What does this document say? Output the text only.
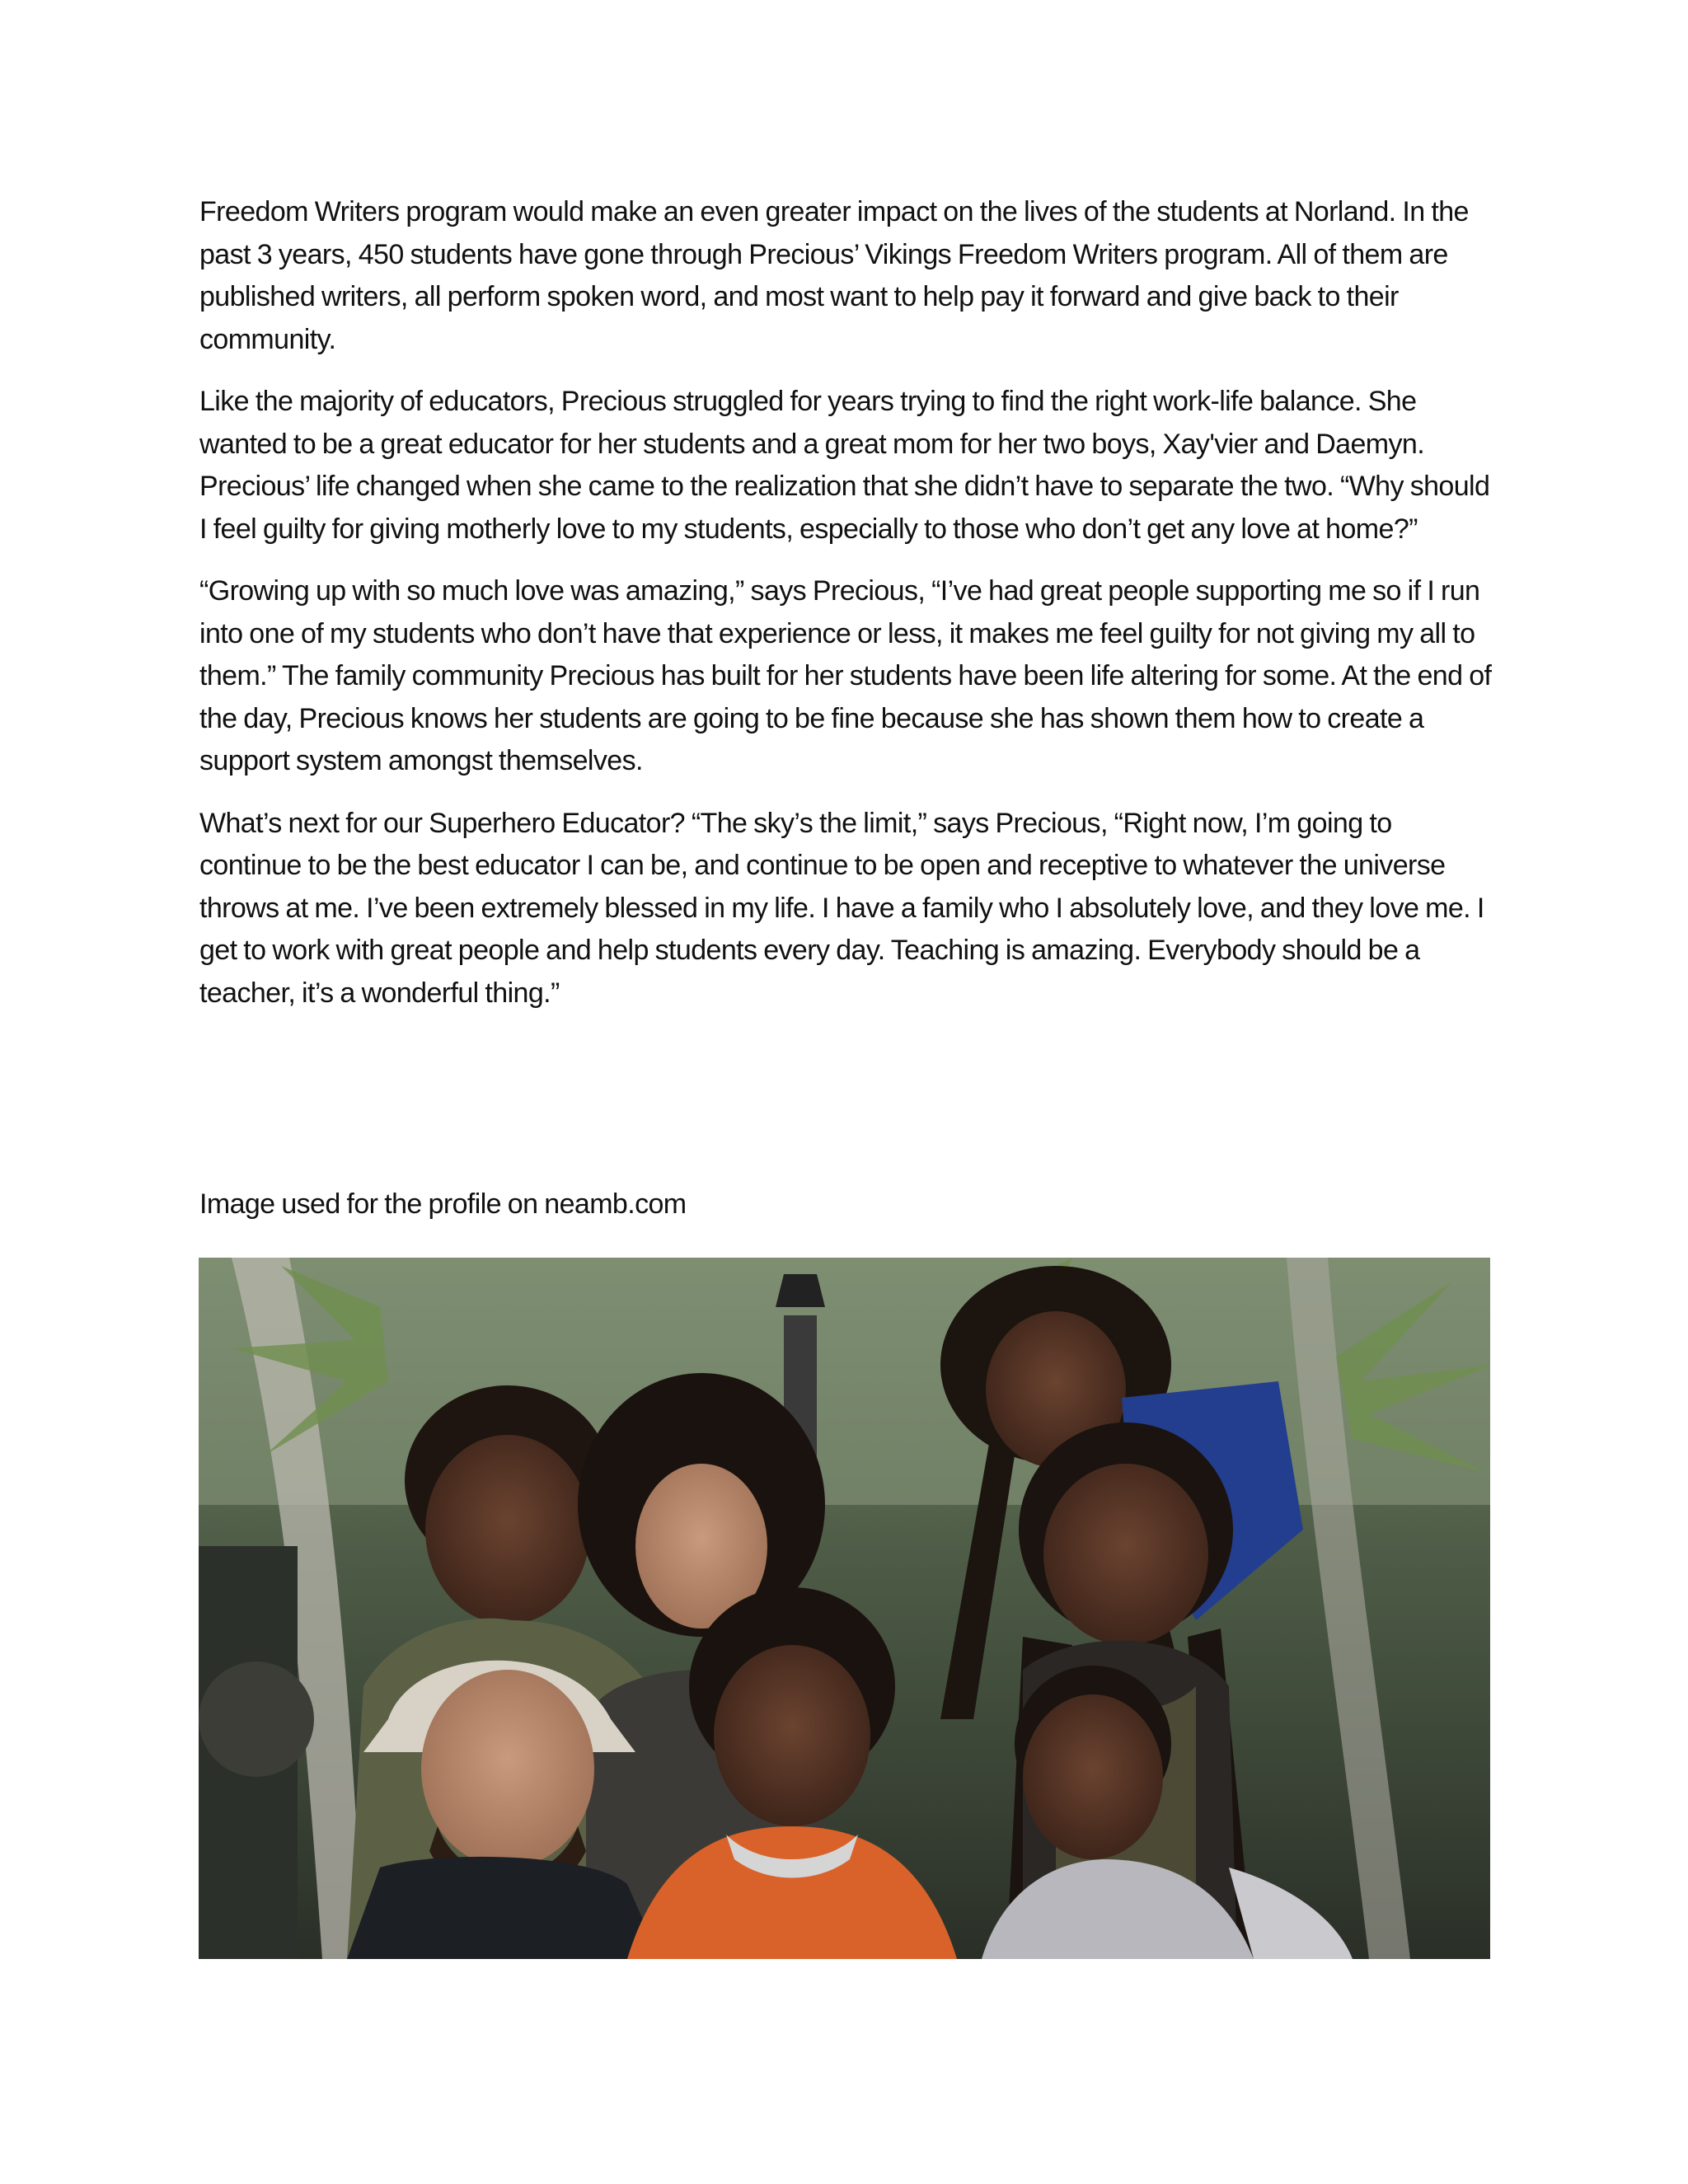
Freedom Writers program would make an even greater impact on the lives of the students at Norland. In the past 3 years, 450 students have gone through Precious’ Vikings Freedom Writers program. All of them are published writers, all perform spoken word, and most want to help pay it forward and give back to their community.

Like the majority of educators, Precious struggled for years trying to find the right work-life balance. She wanted to be a great educator for her students and a great mom for her two boys, Xay'vier and Daemyn. Precious’ life changed when she came to the realization that she didn’t have to separate the two. “Why should I feel guilty for giving motherly love to my students, especially to those who don’t get any love at home?”

“Growing up with so much love was amazing,” says Precious, “I’ve had great people supporting me so if I run into one of my students who don’t have that experience or less, it makes me feel guilty for not giving my all to them.” The family community Precious has built for her students have been life altering for some. At the end of the day, Precious knows her students are going to be fine because she has shown them how to create a support system amongst themselves.

What’s next for our Superhero Educator? “The sky’s the limit,” says Precious, “Right now, I’m going to continue to be the best educator I can be, and continue to be open and receptive to whatever the universe throws at me. I’ve been extremely blessed in my life. I have a family who I absolutely love, and they love me. I get to work with great people and help students every day. Teaching is amazing. Everybody should be a teacher, it’s a wonderful thing.”

Image used for the profile on neamb.com
